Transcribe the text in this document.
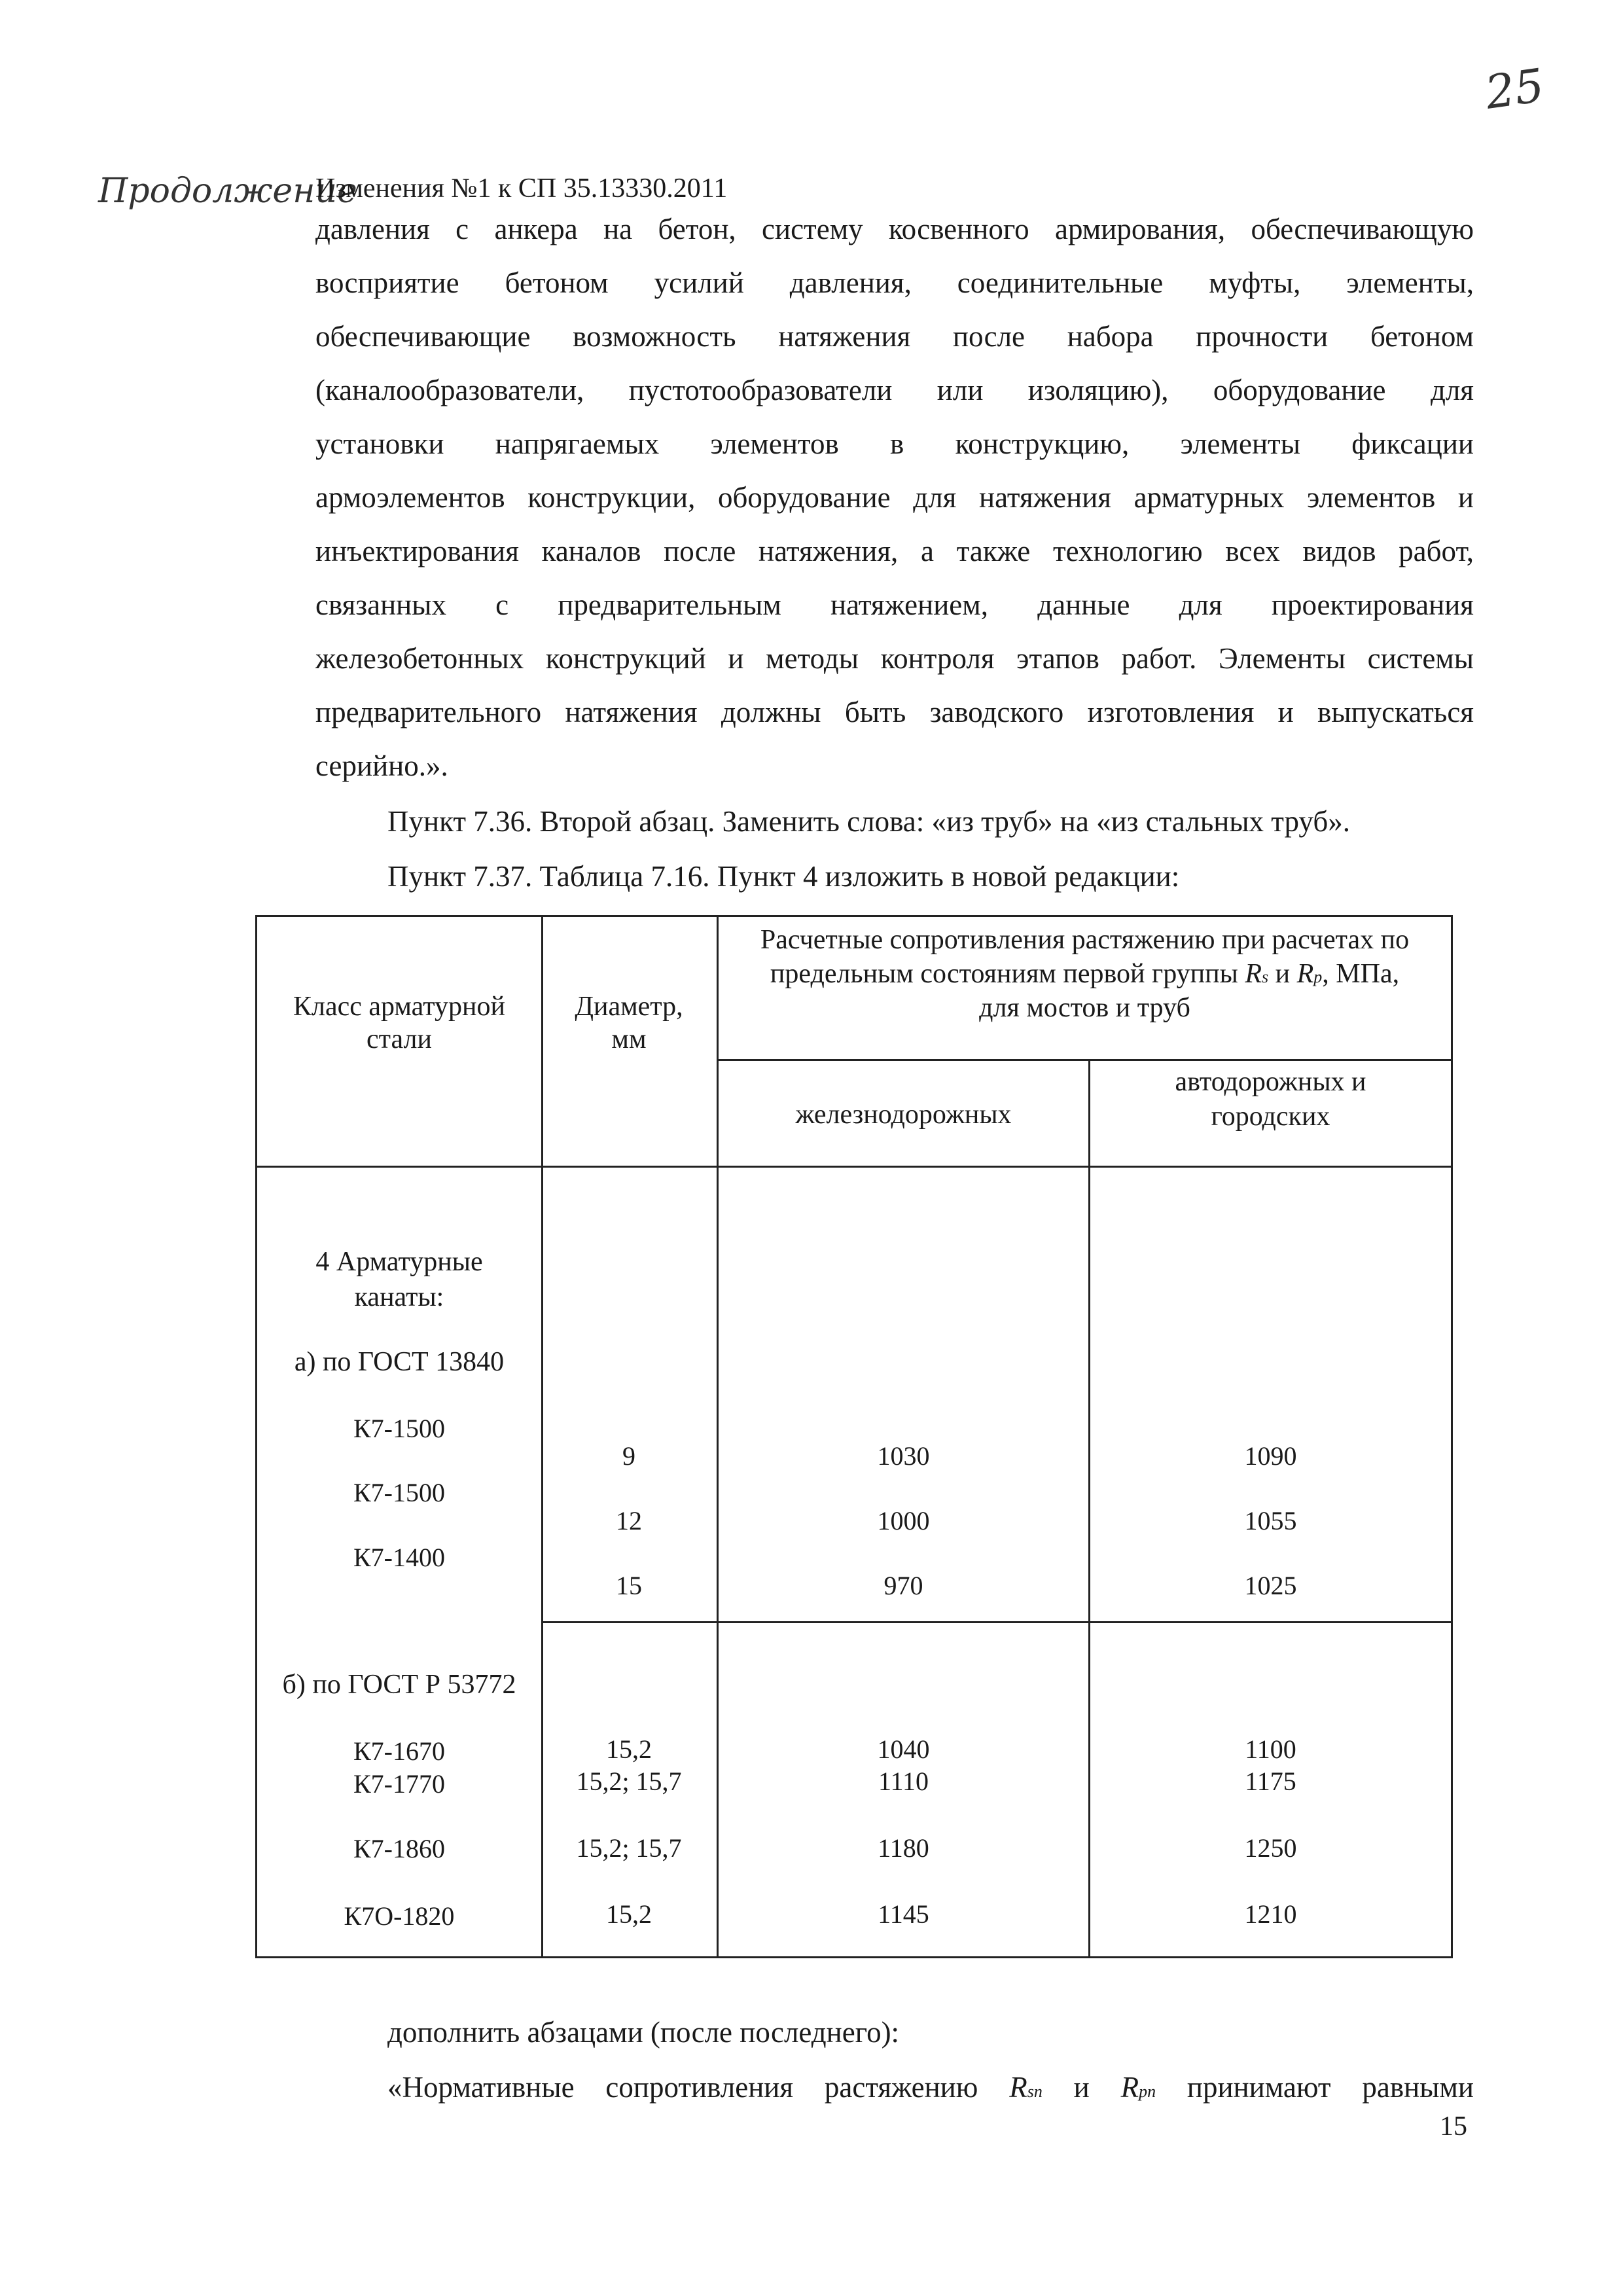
25
Продолжение
Изменения №1 к СП 35.13330.2011
давления с анкера на бетон, систему косвенного армирования, обеспечивающую
восприятие бетоном усилий давления, соединительные муфты, элементы,
обеспечивающие возможность натяжения после набора прочности бетоном
(каналообразователи, пустотообразователи или изоляцию), оборудование для
установки напрягаемых элементов в конструкцию, элементы фиксации
армоэлементов конструкции, оборудование для натяжения арматурных элементов и
инъектирования каналов после натяжения, а также технологию всех видов работ,
связанных с предварительным натяжением, данные для проектирования
железобетонных конструкций и методы контроля этапов работ. Элементы системы
предварительного натяжения должны быть заводского изготовления и выпускаться
серийно.».
Пункт 7.36. Второй абзац. Заменить слова: «из труб» на «из стальных труб».
Пункт 7.37. Таблица 7.16. Пункт 4 изложить в новой редакции:
Класс арматурной
стали
Диаметр,
мм
Расчетные сопротивления растяжению при расчетах по
предельным состояниям первой группы Rs и Rp, МПа,
для мостов и труб
железнодорожных
автодорожных и
городских
4 Арматурные
канаты:
а) по ГОСТ 13840
К7-1500
К7-1500
К7-1400
9
12
15
1030
1000
970
1090
1055
1025
б) по ГОСТ Р 53772
К7-1670
К7-1770
К7-1860
К7О-1820
15,2
15,2; 15,7
15,2; 15,7
15,2
1040
1110
1180
1145
1100
1175
1250
1210
дополнить абзацами (после последнего):
«Нормативные сопротивления растяжению Rsn и Rpn принимают равными
15
